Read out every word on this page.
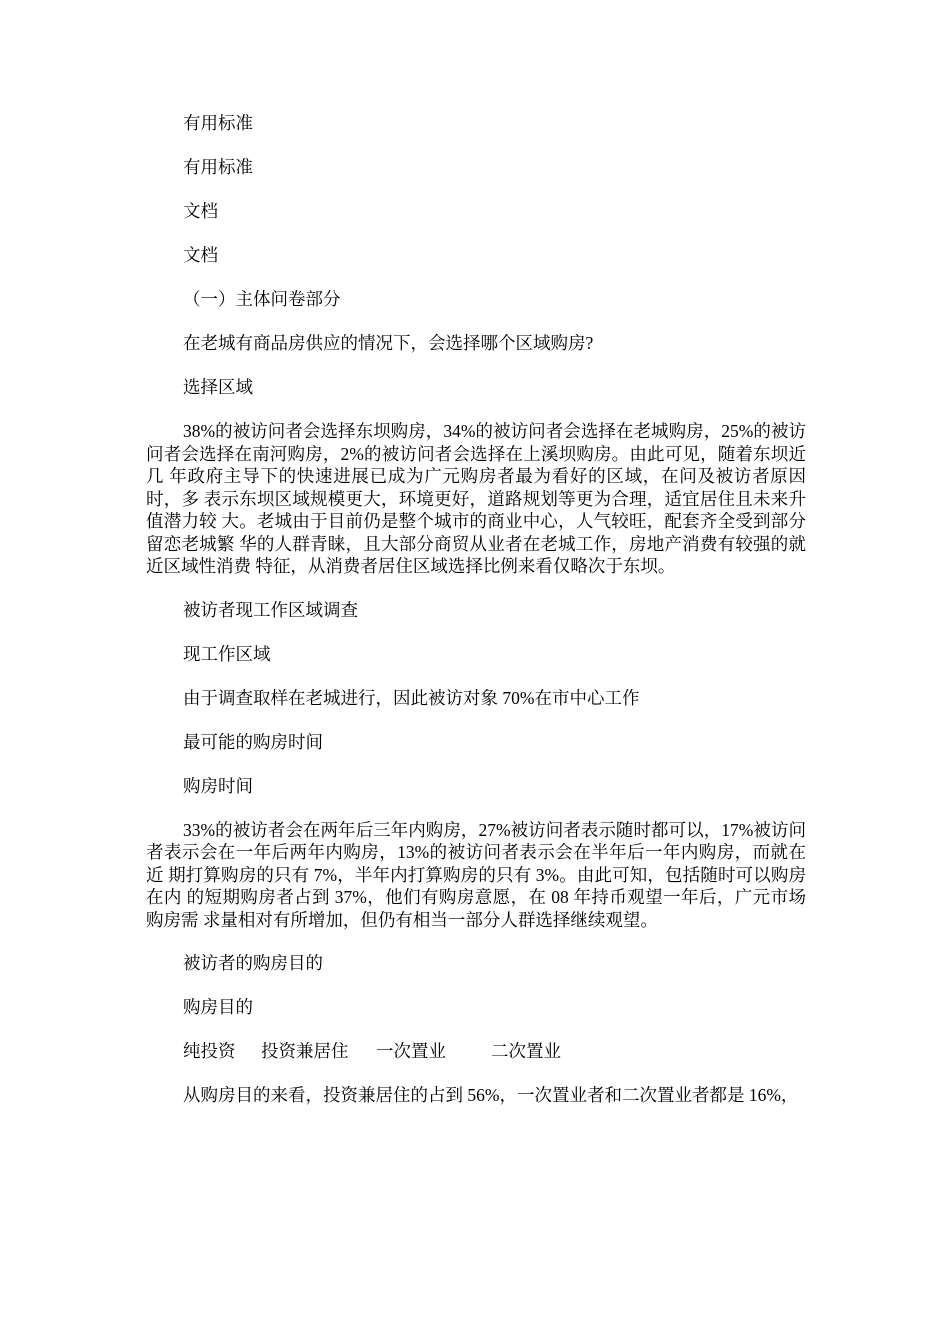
有用标准
有用标准
文档
文档
（一）主体问卷部分
在老城有商品房供应的情况下，会选择哪个区域购房?
选择区域
38%的被访问者会选择东坝购房，34%的被访问者会选择在老城购房，25%的被访 问者会选择在南河购房，2%的被访问者会选择在上溪坝购房。由此可见，随着东坝近几 年政府主导下的快速进展已成为广元购房者最为看好的区域，在问及被访者原因时，多 表示东坝区域规模更大，环境更好，道路规划等更为合理，适宜居住且未来升值潜力较 大。老城由于目前仍是整个城市的商业中心，人气较旺，配套齐全受到部分留恋老城繁 华的人群青睐，且大部分商贸从业者在老城工作，房地产消费有较强的就近区域性消费 特征，从消费者居住区域选择比例来看仅略次于东坝。
被访者现工作区域调查
现工作区域
由于调查取样在老城进行，因此被访对象 70%在市中心工作
最可能的购房时间
购房时间
33%的被访者会在两年后三年内购房，27%被访问者表示随时都可以，17%被访问 者表示会在一年后两年内购房，13%的被访问者表示会在半年后一年内购房，而就在近 期打算购房的只有 7%，半年内打算购房的只有 3%。由此可知，包括随时可以购房在内 的短期购房者占到 37%，他们有购房意愿，在 08 年持币观望一年后，广元市场购房需 求量相对有所增加，但仍有相当一部分人群选择继续观望。
被访者的购房目的
购房目的
纯投资	投资兼居住	一次置业	二次置业
从购房目的来看，投资兼居住的占到 56%，一次置业者和二次置业者都是 16%，
